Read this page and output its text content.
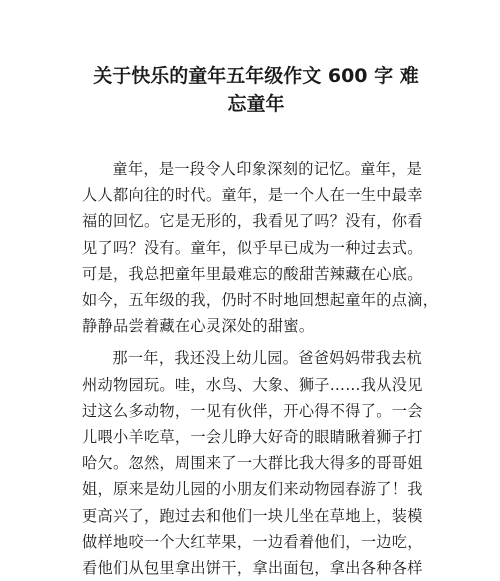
关于快乐的童年五年级作文 600 字 难
忘童年

童年，是一段令人印象深刻的记忆。童年，是
人人都向往的时代。童年，是一个人在一生中最幸
福的回忆。它是无形的，我看见了吗？没有，你看
见了吗？没有。童年，似乎早已成为一种过去式。
可是，我总把童年里最难忘的酸甜苦辣藏在心底。
如今，五年级的我，仍时不时地回想起童年的点滴，
静静品尝着藏在心灵深处的甜蜜。

那一年，我还没上幼儿园。爸爸妈妈带我去杭
州动物园玩。哇，水鸟、大象、狮子……我从没见
过这么多动物，一见有伙伴，开心得不得了。一会
儿喂小羊吃草，一会儿睁大好奇的眼睛瞅着狮子打
哈欠。忽然，周围来了一大群比我大得多的哥哥姐
姐，原来是幼儿园的小朋友们来动物园春游了！我
更高兴了，跑过去和他们一块儿坐在草地上，装模
做样地咬一个大红苹果，一边看着他们，一边吃，
看他们从包里拿出饼干，拿出面包，拿出各种各样
